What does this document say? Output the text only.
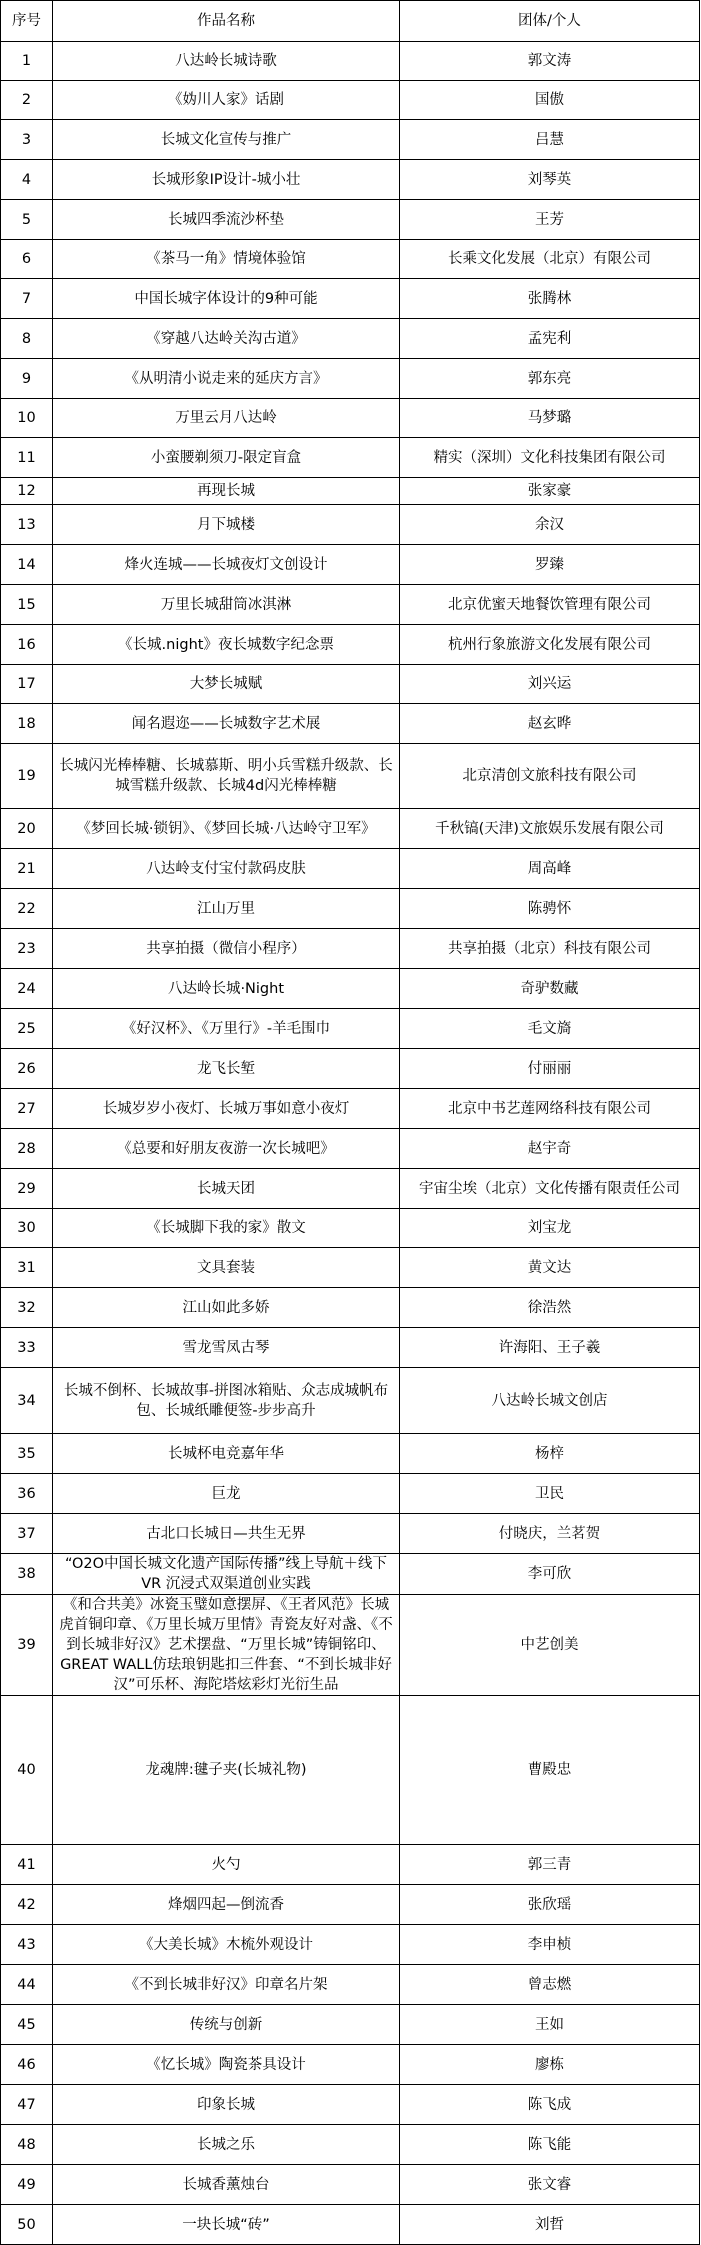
序号	作品名称	团体/个人
1	八达岭长城诗歌	郭文涛
2	《妫川人家》话剧	国傲
3	长城文化宣传与推广	吕慧
4	长城形象IP设计-城小壮	刘琴英
5	长城四季流沙杯垫	王芳
6	《茶马一角》情境体验馆	长乘文化发展（北京）有限公司
7	中国长城字体设计的9种可能	张腾林
8	《穿越八达岭关沟古道》	孟宪利
9	《从明清小说走来的延庆方言》	郭东亮
10	万里云月八达岭	马梦璐
11	小蛮腰剃须刀-限定盲盒	精实（深圳）文化科技集团有限公司
12	再现长城	张家豪
13	月下城楼	余汉
14	烽火连城——长城夜灯文创设计	罗臻
15	万里长城甜筒冰淇淋	北京优蜜天地餐饮管理有限公司
16	《长城.night》夜长城数字纪念票	杭州行象旅游文化发展有限公司
17	大梦长城赋	刘兴运
18	闻名遐迩——长城数字艺术展	赵玄晔
19	长城闪光棒棒糖、长城慕斯、明小兵雪糕升级款、长城雪糕升级款、长城4d闪光棒棒糖	北京清创文旅科技有限公司
20	《梦回长城·锁钥》、《梦回长城·八达岭守卫军》	千秋镐(天津)文旅娱乐发展有限公司
21	八达岭支付宝付款码皮肤	周高峰
22	江山万里	陈骋怀
23	共享拍摄（微信小程序）	共享拍摄（北京）科技有限公司
24	八达岭长城·Night	奇驴数藏
25	《好汉杯》、《万里行》-羊毛围巾	毛文旖
26	龙飞长堑	付丽丽
27	长城岁岁小夜灯、长城万事如意小夜灯	北京中书艺莲网络科技有限公司
28	《总要和好朋友夜游一次长城吧》	赵宇奇
29	长城天团	宇宙尘埃（北京）文化传播有限责任公司
30	《长城脚下我的家》散文	刘宝龙
31	文具套装	黄文达
32	江山如此多娇	徐浩然
33	雪龙雪凤古琴	许海阳、王子羲
34	长城不倒杯、长城故事-拼图冰箱贴、众志成城帆布包、长城纸雕便签-步步高升	八达岭长城文创店
35	长城杯电竞嘉年华	杨梓
36	巨龙	卫民
37	古北口长城日—共生无界	付晓庆，兰茗贺
38	“O2O中国长城文化遗产国际传播”线上导航＋线下VR 沉浸式双渠道创业实践	李可欣
39	《和合共美》冰瓷玉璧如意摆屏、《王者风范》长城虎首铜印章、《万里长城万里情》青瓷友好对盏、《不到长城非好汉》艺术摆盘、“万里长城”铸铜铭印、GREAT WALL仿珐琅钥匙扣三件套、“不到长城非好汉”可乐杯、海陀塔炫彩灯光衍生品	中艺创美
40	龙魂牌:毽子夹(长城礼物)	曹殿忠
41	火勺	郭三青
42	烽烟四起—倒流香	张欣瑶
43	《大美长城》木梳外观设计	李申桢
44	《不到长城非好汉》印章名片架	曾志燃
45	传统与创新	王如
46	《忆长城》陶瓷茶具设计	廖栋
47	印象长城	陈飞成
48	长城之乐	陈飞能
49	长城香薰烛台	张文睿
50	一块长城“砖”	刘哲
